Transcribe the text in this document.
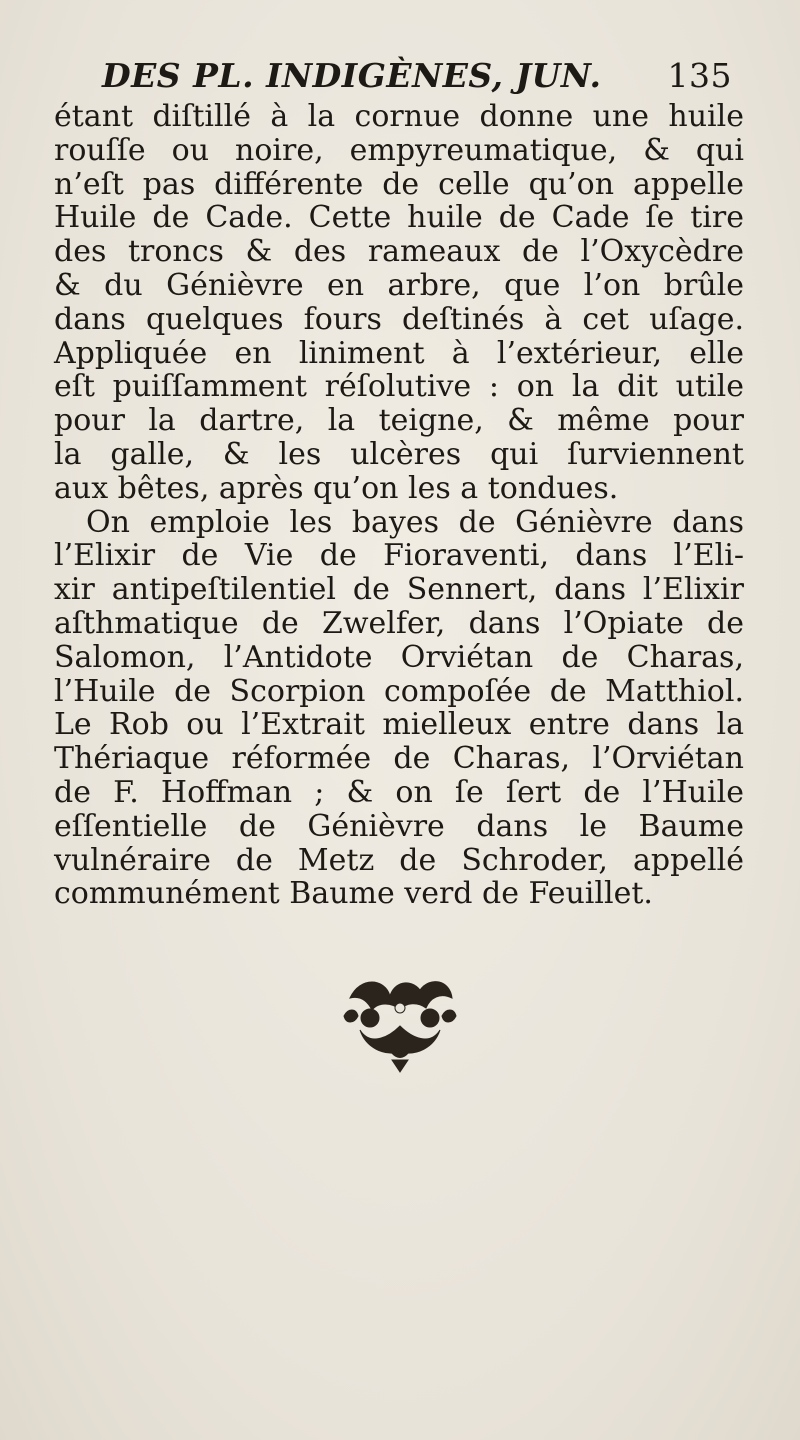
DES PL. INDIGÈNES, JUN. 135
étant diſtillé à la cornue donne une huile
rouſſe ou noire, empyreumatique, & qui
n’eſt pas différente de celle qu’on appelle
Huile de Cade. Cette huile de Cade ſe tire
des troncs & des rameaux de l’Oxycèdre
& du Génièvre en arbre, que l’on brûle
dans quelques fours deſtinés à cet uſage.
Appliquée en liniment à l’extérieur, elle
eſt puiſſamment réſolutive : on la dit utile
pour la dartre, la teigne, & même pour
la galle, & les ulcères qui ſurviennent
aux bêtes, après qu’on les a tondues.
On emploie les bayes de Génièvre dans
l’Elixir de Vie de Fioraventi, dans l’Eli-
xir antipeſtilentiel de Sennert, dans l’Elixir
aſthmatique de Zwelfer, dans l’Opiate de
Salomon, l’Antidote Orviétan de Charas,
l’Huile de Scorpion compoſée de Matthiol.
Le Rob ou l’Extrait mielleux entre dans la
Thériaque réformée de Charas, l’Orviétan
de F. Hoffman ; & on ſe ſert de l’Huile
eſſentielle de Génièvre dans le Baume
vulnéraire de Metz de Schroder, appellé
communément Baume verd de Feuillet.
